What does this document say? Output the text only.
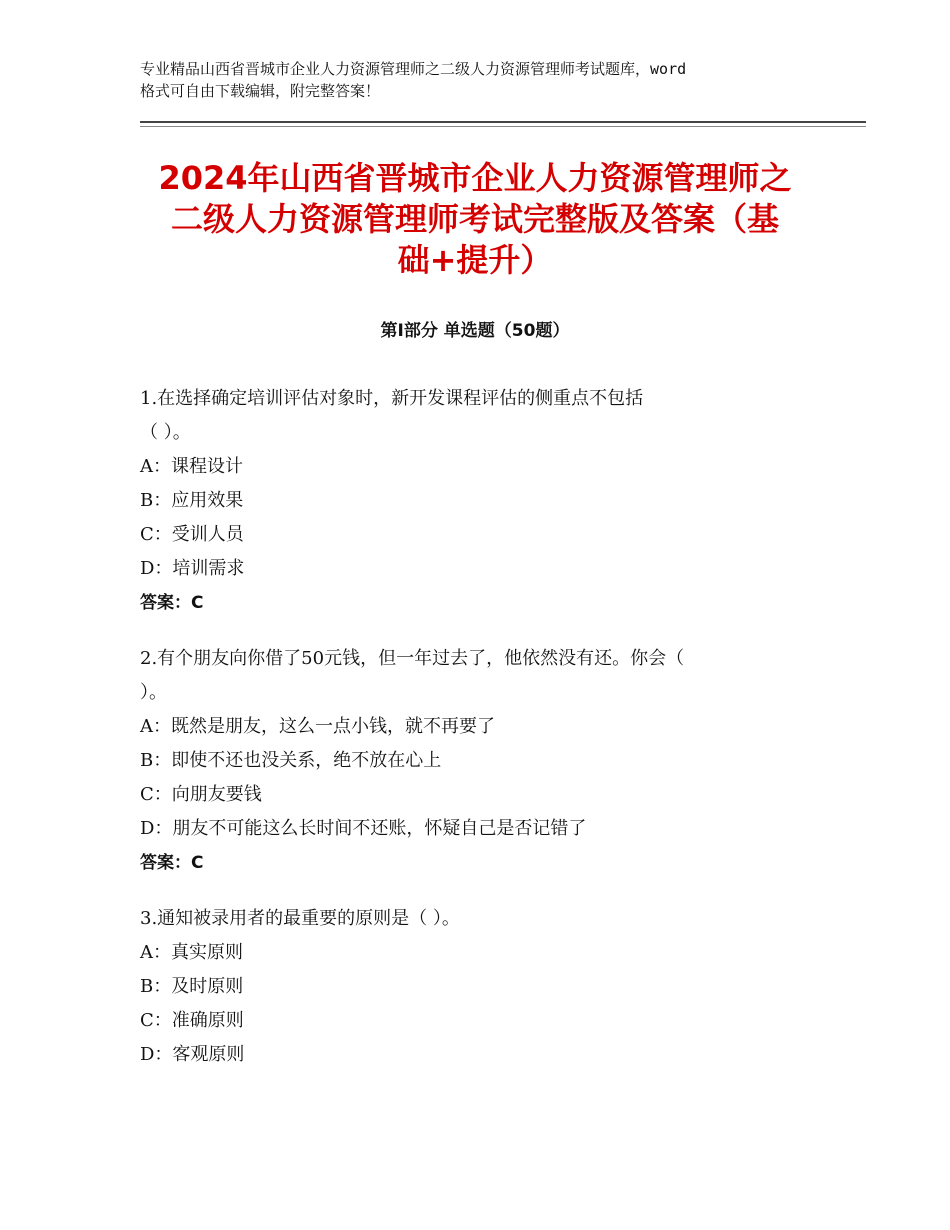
专业精品山西省晋城市企业人力资源管理师之二级人力资源管理师考试题库，word
格式可自由下载编辑，附完整答案！
2024年山西省晋城市企业人力资源管理师之
二级人力资源管理师考试完整版及答案（基
础+提升）
第Ⅰ部分 单选题（50题）
1.在选择确定培训评估对象时，新开发课程评估的侧重点不包括
（ ）。
A：课程设计
B：应用效果
C：受训人员
D：培训需求
答案：C
2.有个朋友向你借了50元钱，但一年过去了，他依然没有还。你会（
）。
A：既然是朋友，这么一点小钱，就不再要了
B：即使不还也没关系，绝不放在心上
C：向朋友要钱
D：朋友不可能这么长时间不还账，怀疑自己是否记错了
答案：C
3.通知被录用者的最重要的原则是（ ）。
A：真实原则
B：及时原则
C：准确原则
D：客观原则
